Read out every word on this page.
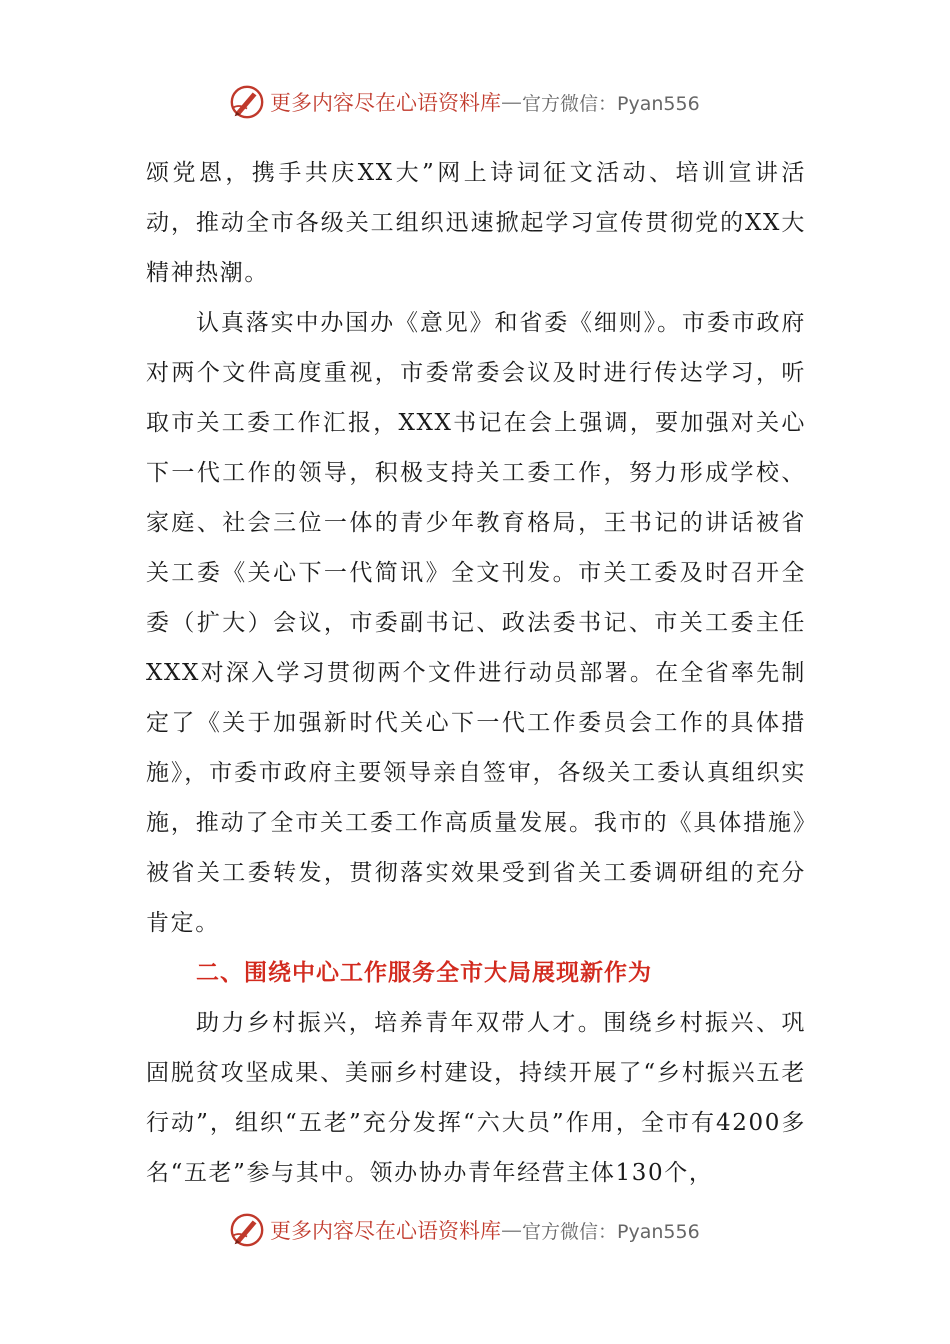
更多内容尽在心语资料库 — 官方微信：Pyan556

颂党恩，携手共庆XX大”网上诗词征文活动、培训宣讲活动，推动全市各级关工组织迅速掀起学习宣传贯彻党的XX大精神热潮。

认真落实中办国办《意见》和省委《细则》。市委市政府对两个文件高度重视，市委常委会议及时进行传达学习，听取市关工委工作汇报，XXX书记在会上强调，要加强对关心下一代工作的领导，积极支持关工委工作，努力形成学校、家庭、社会三位一体的青少年教育格局，王书记的讲话被省关工委《关心下一代简讯》全文刊发。市关工委及时召开全委（扩大）会议，市委副书记、政法委书记、市关工委主任XXX对深入学习贯彻两个文件进行动员部署。在全省率先制定了《关于加强新时代关心下一代工作委员会工作的具体措施》，市委市政府主要领导亲自签审，各级关工委认真组织实施，推动了全市关工委工作高质量发展。我市的《具体措施》被省关工委转发，贯彻落实效果受到省关工委调研组的充分肯定。

二、围绕中心工作服务全市大局展现新作为

助力乡村振兴，培养青年双带人才。围绕乡村振兴、巩固脱贫攻坚成果、美丽乡村建设，持续开展了“乡村振兴五老行动”，组织“五老”充分发挥“六大员”作用，全市有4200多名“五老”参与其中。领办协办青年经营主体130个，

更多内容尽在心语资料库 — 官方微信：Pyan556
